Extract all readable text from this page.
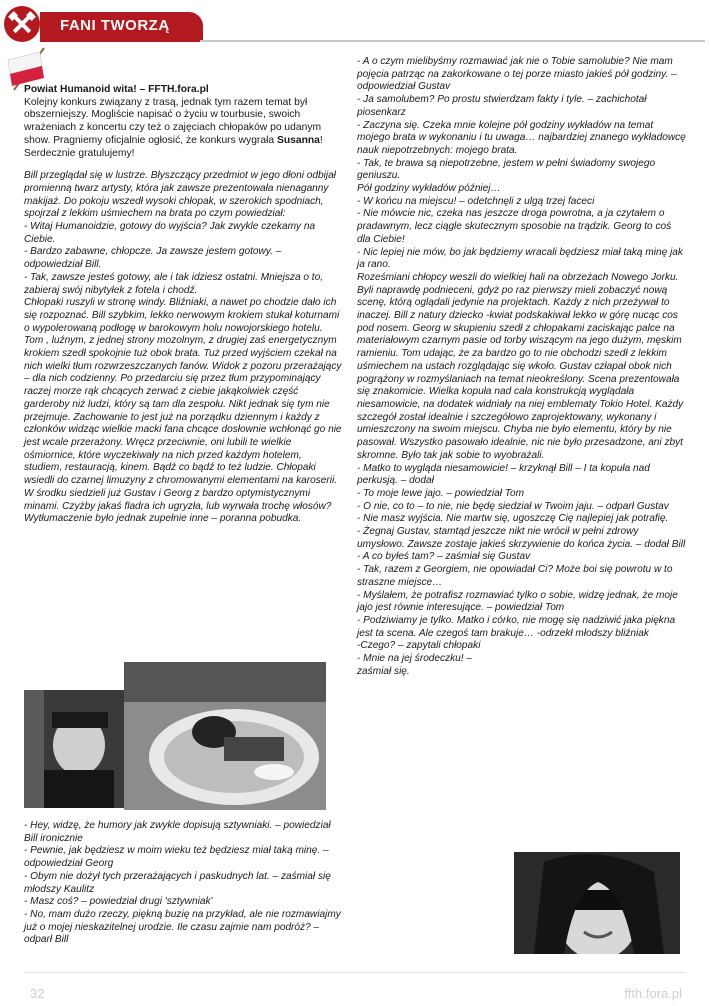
FANI TWORZĄ

Powiat Humanoid wita! – FFTH.fora.pl
Kolejny konkurs związany z trasą, jednak tym razem temat był obszerniejszy. Mogliście napisać o życiu w tourbusie, swoich wrażeniach z koncertu czy też o zajęciach chłopaków po udanym show. Pragniemy oficjalnie ogłosić, że konkurs wygrała Susanna! Serdecznie gratulujemy!

Bill przeglądał się w lustrze. Błyszczący przedmiot w jego dłoni odbijał promienną twarz artysty, która jak zawsze prezentowała nienaganny makijaż. Do pokoju wszedł wysoki chłopak, w szerokich spodniach, spojrzał z lekkim uśmiechem na brata po czym powiedział:

- Witaj Humanoidzie, gotowy do wyjścia? Jak zwykle czekamy na Ciebie.

- Bardzo zabawne, chłopcze. Ja zawsze jestem gotowy. – odpowiedział Bill.

- Tak, zawsze jesteś gotowy, ale i tak idziesz ostatni. Mniejsza o to, zabieraj swój nibytyłek z fotela i chodź.

Chłopaki ruszyli w stronę windy. Bliźniaki, a nawet po chodzie dało ich się rozpoznać. Bill szybkim, lekko nerwowym krokiem stukał koturnami o wypolerowaną podłogę w barokowym holu nowojorskiego hotelu. Tom , luźnym, z jednej strony mozolnym, z drugiej zaś energetycznym krokiem szedł spokojnie tuż obok brata. Tuż przed wyjściem czekał na nich wielki tłum rozwrzeszczanych fanów. Widok z pozoru przerażający – dla nich codzienny. Po przedarciu się przez tłum przypominający raczej morze rąk chcących zerwać z ciebie jakąkolwiek część garderoby niż ludzi, który są tam dla zespołu. Nikt jednak się tym nie przejmuje. Zachowanie to jest już na porządku dziennym i każdy z członków widząc wielkie macki fana chcące dosłownie wchłonąć go nie jest wcale przerażony. Wręcz przeciwnie, oni lubili te wielkie ośmiornice, które wyczekiwały na nich przed każdym hotelem, studiem, restauracją, kinem. Bądź co bądź to też ludzie. Chłopaki wsiedli do czarnej limuzyny z chromowanymi elementami na karoserii. W środku siedzieli już Gustav i Georg z bardzo optymistycznymi minami. Czyżby jakaś fladra ich ugryzła, lub wyrwała trochę włosów? Wytłumaczenie było jednak zupełnie inne – poranna pobudka.

- Hey, widzę, że humory jak zwykle dopisują sztywniaki. – powiedział Bill ironicznie

- Pewnie, jak będziesz w moim wieku też będziesz miał taką minę. – odpowiedział Georg

- Obym nie dożył tych przerażających i paskudnych lat. – zaśmiał się młodszy Kaulitz

- Masz coś? – powiedział drugi 'sztywniak'

- No, mam dużo rzeczy, piękną buzię na przykład, ale nie rozmawiajmy już o mojej nieskazitelnej urodzie. Ile czasu zajmie nam podróż? – odparł Bill

- A o czym mielibyśmy rozmawiać jak nie o Tobie samolubie? Nie mam pojęcia patrząc na zakorkowane o tej porze miasto jakieś pół godziny. – odpowiedział Gustav

- Ja samolubem? Po prostu stwierdzam fakty i tyle. – zachichotał piosenkarz

- Zaczyna się. Czeka mnie kolejne pół godziny wykładów na temat mojego brata w wykonaniu i tu uwaga… najbardziej znanego wykładowcę nauk niepotrzebnych: mojego brata.

- Tak, te brawa są niepotrzebne, jestem w pełni świadomy swojego geniuszu.

Pół godziny wykładów później…

- W końcu na miejscu! – odetchnęli z ulgą trzej faceci

- Nie mówcie nic, czeka nas jeszcze droga powrotna, a ja czytałem o pradawnym, lecz ciągle skutecznym sposobie na trądzik. Georg to coś dla Ciebie!

- Nic lepiej nie mów, bo jak będziemy wracali będziesz miał taką minę jak ja rano.

Roześmiani chłopcy weszli do wielkiej hali na obrzeżach Nowego Jorku. Byli naprawdę podnieceni, gdyż po raz pierwszy mieli zobaczyć nową scenę, którą oglądali jedynie na projektach. Każdy z nich przeżywał to inaczej. Bill z natury dziecko -kwiat podskakiwał lekko w górę nucąc cos pod nosem. Georg w skupieniu szedł z chłopakami zaciskając palce na materiałowym czarnym pasie od torby wiszącym na jego dużym, męskim ramieniu. Tom udając, że za bardzo go to nie obchodzi szedł z lekkim uśmiechem na ustach rozglądając się wkoło. Gustav człapał obok nich pogrążony w rozmyślaniach na temat nieokreślony. Scena prezentowała się znakomicie. Wielka kopuła nad cała konstrukcją wyglądała niesamowicie, na dodatek widniały na niej emblematy Tokio Hotel. Każdy szczegół został idealnie i szczegółowo zaprojektowany, wykonany i umieszczony na swoim miejscu. Chyba nie było elementu, który by nie pasował. Wszystko pasowało idealnie, nic nie było przesadzone, ani zbyt skromne. Było tak jak sobie to wyobrażali.

- Matko to wygląda niesamowicie! – krzyknął Bill – I ta kopuła nad perkusją. – dodał

- To moje lewe jajo. – powiedział Tom

- O nie, co to – to nie, nie będę siedział w Twoim jaju. – odparł Gustav

- Nie masz wyjścia. Nie martw się, ugoszczę Cię najlepiej jak potrafię.

- Żegnaj Gustav, stamtąd jeszcze nikt nie wrócił w pełni zdrowy umysłowo. Zawsze zostaje jakieś skrzywienie do końca życia. – dodał Bill

- A co byłeś tam? – zaśmiał się Gustav

- Tak, razem z Georgiem, nie opowiadał Ci? Może boi się powrotu w to straszne miejsce…

- Myślałem, że potrafisz rozmawiać tylko o sobie, widzę jednak, że moje jajo jest równie interesujące. – powiedział Tom

- Podziwiamy je tylko. Matko i córko, nie mogę się nadziwić jaka piękna jest ta scena. Ale czegoś tam brakuje… -odrzekł młodszy bliźniak

-Czego? – zapytali chłopaki

- Mnie na jej środeczku! – zaśmiał się.

32	ffth.fora.pl
